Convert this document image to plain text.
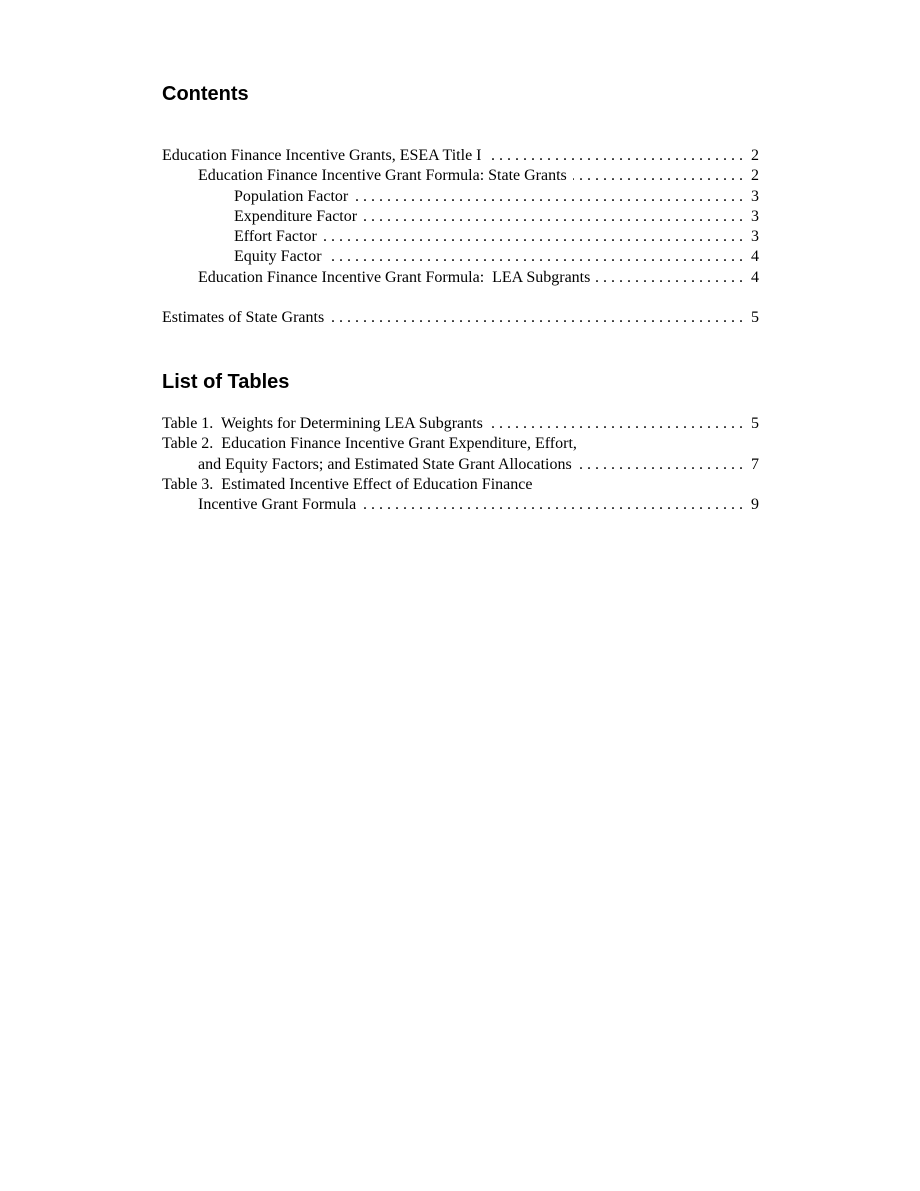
Contents
Education Finance Incentive Grants, ESEA Title I . . .	2
Education Finance Incentive Grant Formula: State Grants . . .	2
Population Factor . . .	3
Expenditure Factor . . .	3
Effort Factor . . .	3
Equity Factor . . .	4
Education Finance Incentive Grant Formula:  LEA Subgrants . . .	4
Estimates of State Grants . . .	5
List of Tables
Table 1.  Weights for Determining LEA Subgrants . . .	5
Table 2.  Education Finance Incentive Grant Expenditure, Effort,
and Equity Factors; and Estimated State Grant Allocations . . .	7
Table 3.  Estimated Incentive Effect of Education Finance
Incentive Grant Formula . . .	9
